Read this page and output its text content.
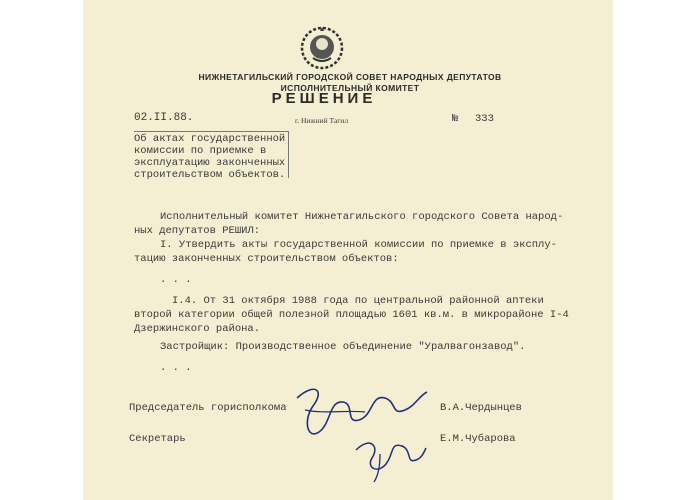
НИЖНЕТАГИЛЬСКИЙ ГОРОДСКОЙ СОВЕТ НАРОДНЫХ ДЕПУТАТОВ
ИСПОЛНИТЕЛЬНЫЙ КОМИТЕТ
РЕШЕНИЕ
02.II.88.	г. Нижний Тагил	№ 333
Об актах государственной
комиссии по приемке в
эксплуатацию законченных
строительством объектов.
Исполнительный комитет Нижнетагильского городского Совета народ-
ных депутатов РЕШИЛ:
I. Утвердить акты государственной комиссии по приемке в эксплу-
тацию законченных строительством объектов:
. . .
I.4. От 31 октября 1988 года по центральной районной аптеки
второй категории общей полезной площадью 1601 кв.м. в микрорайоне I-4
Дзержинского района.
Застройщик: Производственное объединение "Уралвагонзавод".
. . .
Председатель горисполкома	В.А.Чердынцев
Секретарь	Е.М.Чубарова
